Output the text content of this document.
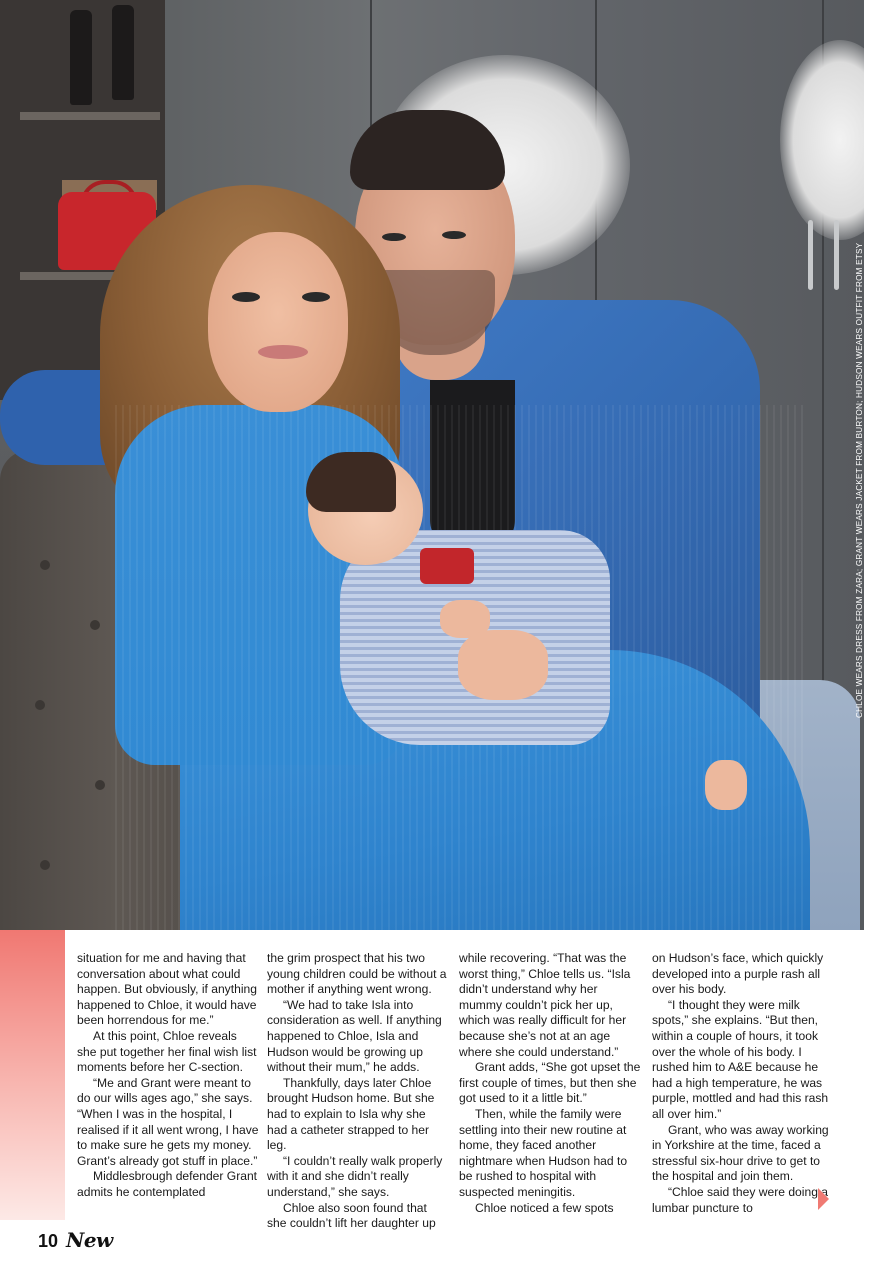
CHLOE WEARS DRESS FROM ZARA; GRANT WEARS JACKET FROM BURTON; HUDSON WEARS OUTFIT FROM ETSY

situation for me and having that conversation about what could happen. But obviously, if anything happened to Chloe, it would have been horrendous for me.”

At this point, Chloe reveals she put together her final wish list moments before her C-section.

“Me and Grant were meant to do our wills ages ago,” she says. “When I was in the hospital, I realised if it all went wrong, I have to make sure he gets my money. Grant’s already got stuff in place.”

Middlesbrough defender Grant admits he contemplated

the grim prospect that his two young children could be without a mother if anything went wrong.

“We had to take Isla into consideration as well. If anything happened to Chloe, Isla and Hudson would be growing up without their mum,” he adds.

Thankfully, days later Chloe brought Hudson home. But she had to explain to Isla why she had a catheter strapped to her leg.

“I couldn’t really walk properly with it and she didn’t really understand,” she says.

Chloe also soon found that she couldn’t lift her daughter up

while recovering. “That was the worst thing,” Chloe tells us. “Isla didn’t understand why her mummy couldn’t pick her up, which was really difficult for her because she’s not at an age where she could understand.”

Grant adds, “She got upset the first couple of times, but then she got used to it a little bit.”

Then, while the family were settling into their new routine at home, they faced another nightmare when Hudson had to be rushed to hospital with suspected meningitis.

Chloe noticed a few spots

on Hudson’s face, which quickly developed into a purple rash all over his body.

“I thought they were milk spots,” she explains. “But then, within a couple of hours, it took over the whole of his body. I rushed him to A&E because he had a high temperature, he was purple, mottled and had this rash all over him.”

Grant, who was away working in Yorkshire at the time, faced a stressful six-hour drive to get to the hospital and join them.

“Chloe said they were doing a lumbar puncture to

10 New
